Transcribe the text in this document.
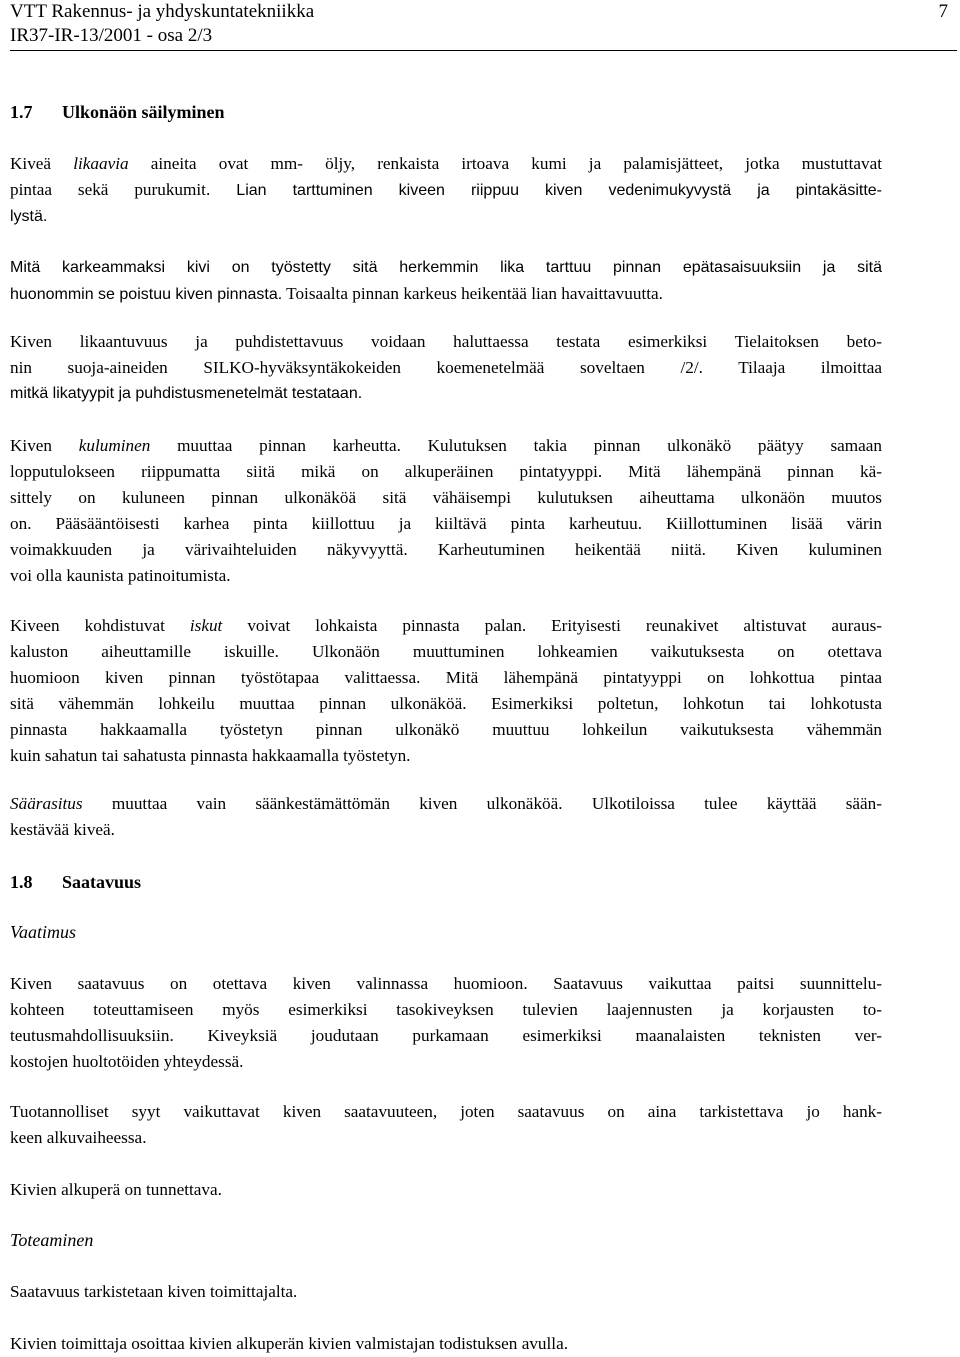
VTT Rakennus- ja yhdyskuntatekniikka
IR37-IR-13/2001 - osa 2/3
7
1.7 Ulkonäön säilyminen
Kiveä likaavia aineita ovat mm- öljy, renkaista irtoava kumi ja palamisjätteet, jotka mustuttavat
pintaa sekä purukumit. Lian tarttuminen kiveen riippuu kiven vedenimukyvystä ja pintakäsitte-
lystä.
Mitä karkeammaksi kivi on työstetty sitä herkemmin lika tarttuu pinnan epätasaisuuksiin ja sitä
huonommin se poistuu kiven pinnasta. Toisaalta pinnan karkeus heikentää lian havaittavuutta.
Kiven likaantuvuus ja puhdistettavuus voidaan haluttaessa testata esimerkiksi Tielaitoksen beto-
nin suoja-aineiden SILKO-hyväksyntäkokeiden koemenetelmää soveltaen /2/. Tilaaja ilmoittaa
mitkä likatyypit ja puhdistusmenetelmät testataan.
Kiven kuluminen muuttaa pinnan karheutta. Kulutuksen takia pinnan ulkonäkö päätyy samaan
lopputulokseen riippumatta siitä mikä on alkuperäinen pintatyyppi. Mitä lähempänä pinnan kä-
sittely on kuluneen pinnan ulkonäköä sitä vähäisempi kulutuksen aiheuttama ulkonäön muutos
on. Pääsääntöisesti karhea pinta kiillottuu ja kiiltävä pinta karheutuu. Kiillottuminen lisää värin
voimakkuuden ja värivaihteluiden näkyvyyttä. Karheutuminen heikentää niitä. Kiven kuluminen
voi olla kaunista patinoitumista.
Kiveen kohdistuvat iskut voivat lohkaista pinnasta palan. Erityisesti reunakivet altistuvat auraus-
kaluston aiheuttamille iskuille. Ulkonäön muuttuminen lohkeamien vaikutuksesta on otettava
huomioon kiven pinnan työstötapaa valittaessa. Mitä lähempänä pintatyyppi on lohkottua pintaa
sitä vähemmän lohkeilu muuttaa pinnan ulkonäköä. Esimerkiksi poltetun, lohkotun tai lohkotusta
pinnasta hakkaamalla työstetyn pinnan ulkonäkö muuttuu lohkeilun vaikutuksesta vähemmän
kuin sahatun tai sahatusta pinnasta hakkaamalla työstetyn.
Säärasitus muuttaa vain säänkestämättömän kiven ulkonäköä. Ulkotiloissa tulee käyttää sään-
kestävää kiveä.
1.8 Saatavuus
Vaatimus
Kiven saatavuus on otettava kiven valinnassa huomioon. Saatavuus vaikuttaa paitsi suunnittelu-
kohteen toteuttamiseen myös esimerkiksi tasokiveyksen tulevien laajennusten ja korjausten to-
teutusmahdollisuuksiin. Kiveyksiä joudutaan purkamaan esimerkiksi maanalaisten teknisten ver-
kostojen huoltotöiden yhteydessä.
Tuotannolliset syyt vaikuttavat kiven saatavuuteen, joten saatavuus on aina tarkistettava jo hank-
keen alkuvaiheessa.
Kivien alkuperä on tunnettava.
Toteaminen
Saatavuus tarkistetaan kiven toimittajalta.
Kivien toimittaja osoittaa kivien alkuperän kivien valmistajan todistuksen avulla.
